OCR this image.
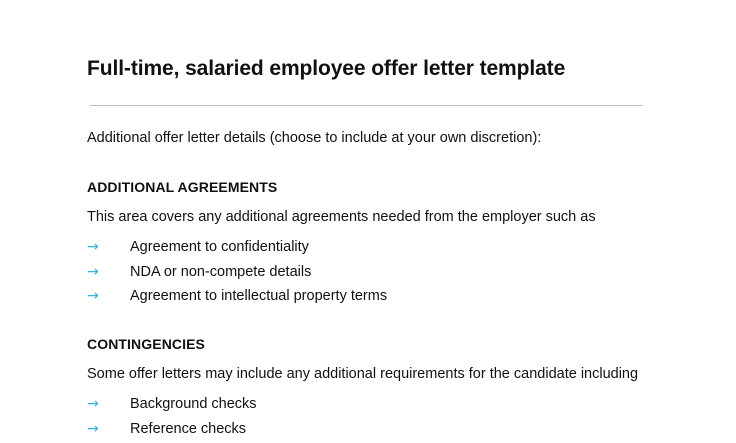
Full-time, salaried employee offer letter template
Additional offer letter details (choose to include at your own discretion):
ADDITIONAL AGREEMENTS
This area covers any additional agreements needed from the employer such as
→ Agreement to confidentiality
→ NDA or non-compete details
→ Agreement to intellectual property terms
CONTINGENCIES
Some offer letters may include any additional requirements for the candidate including
→ Background checks
→ Reference checks
